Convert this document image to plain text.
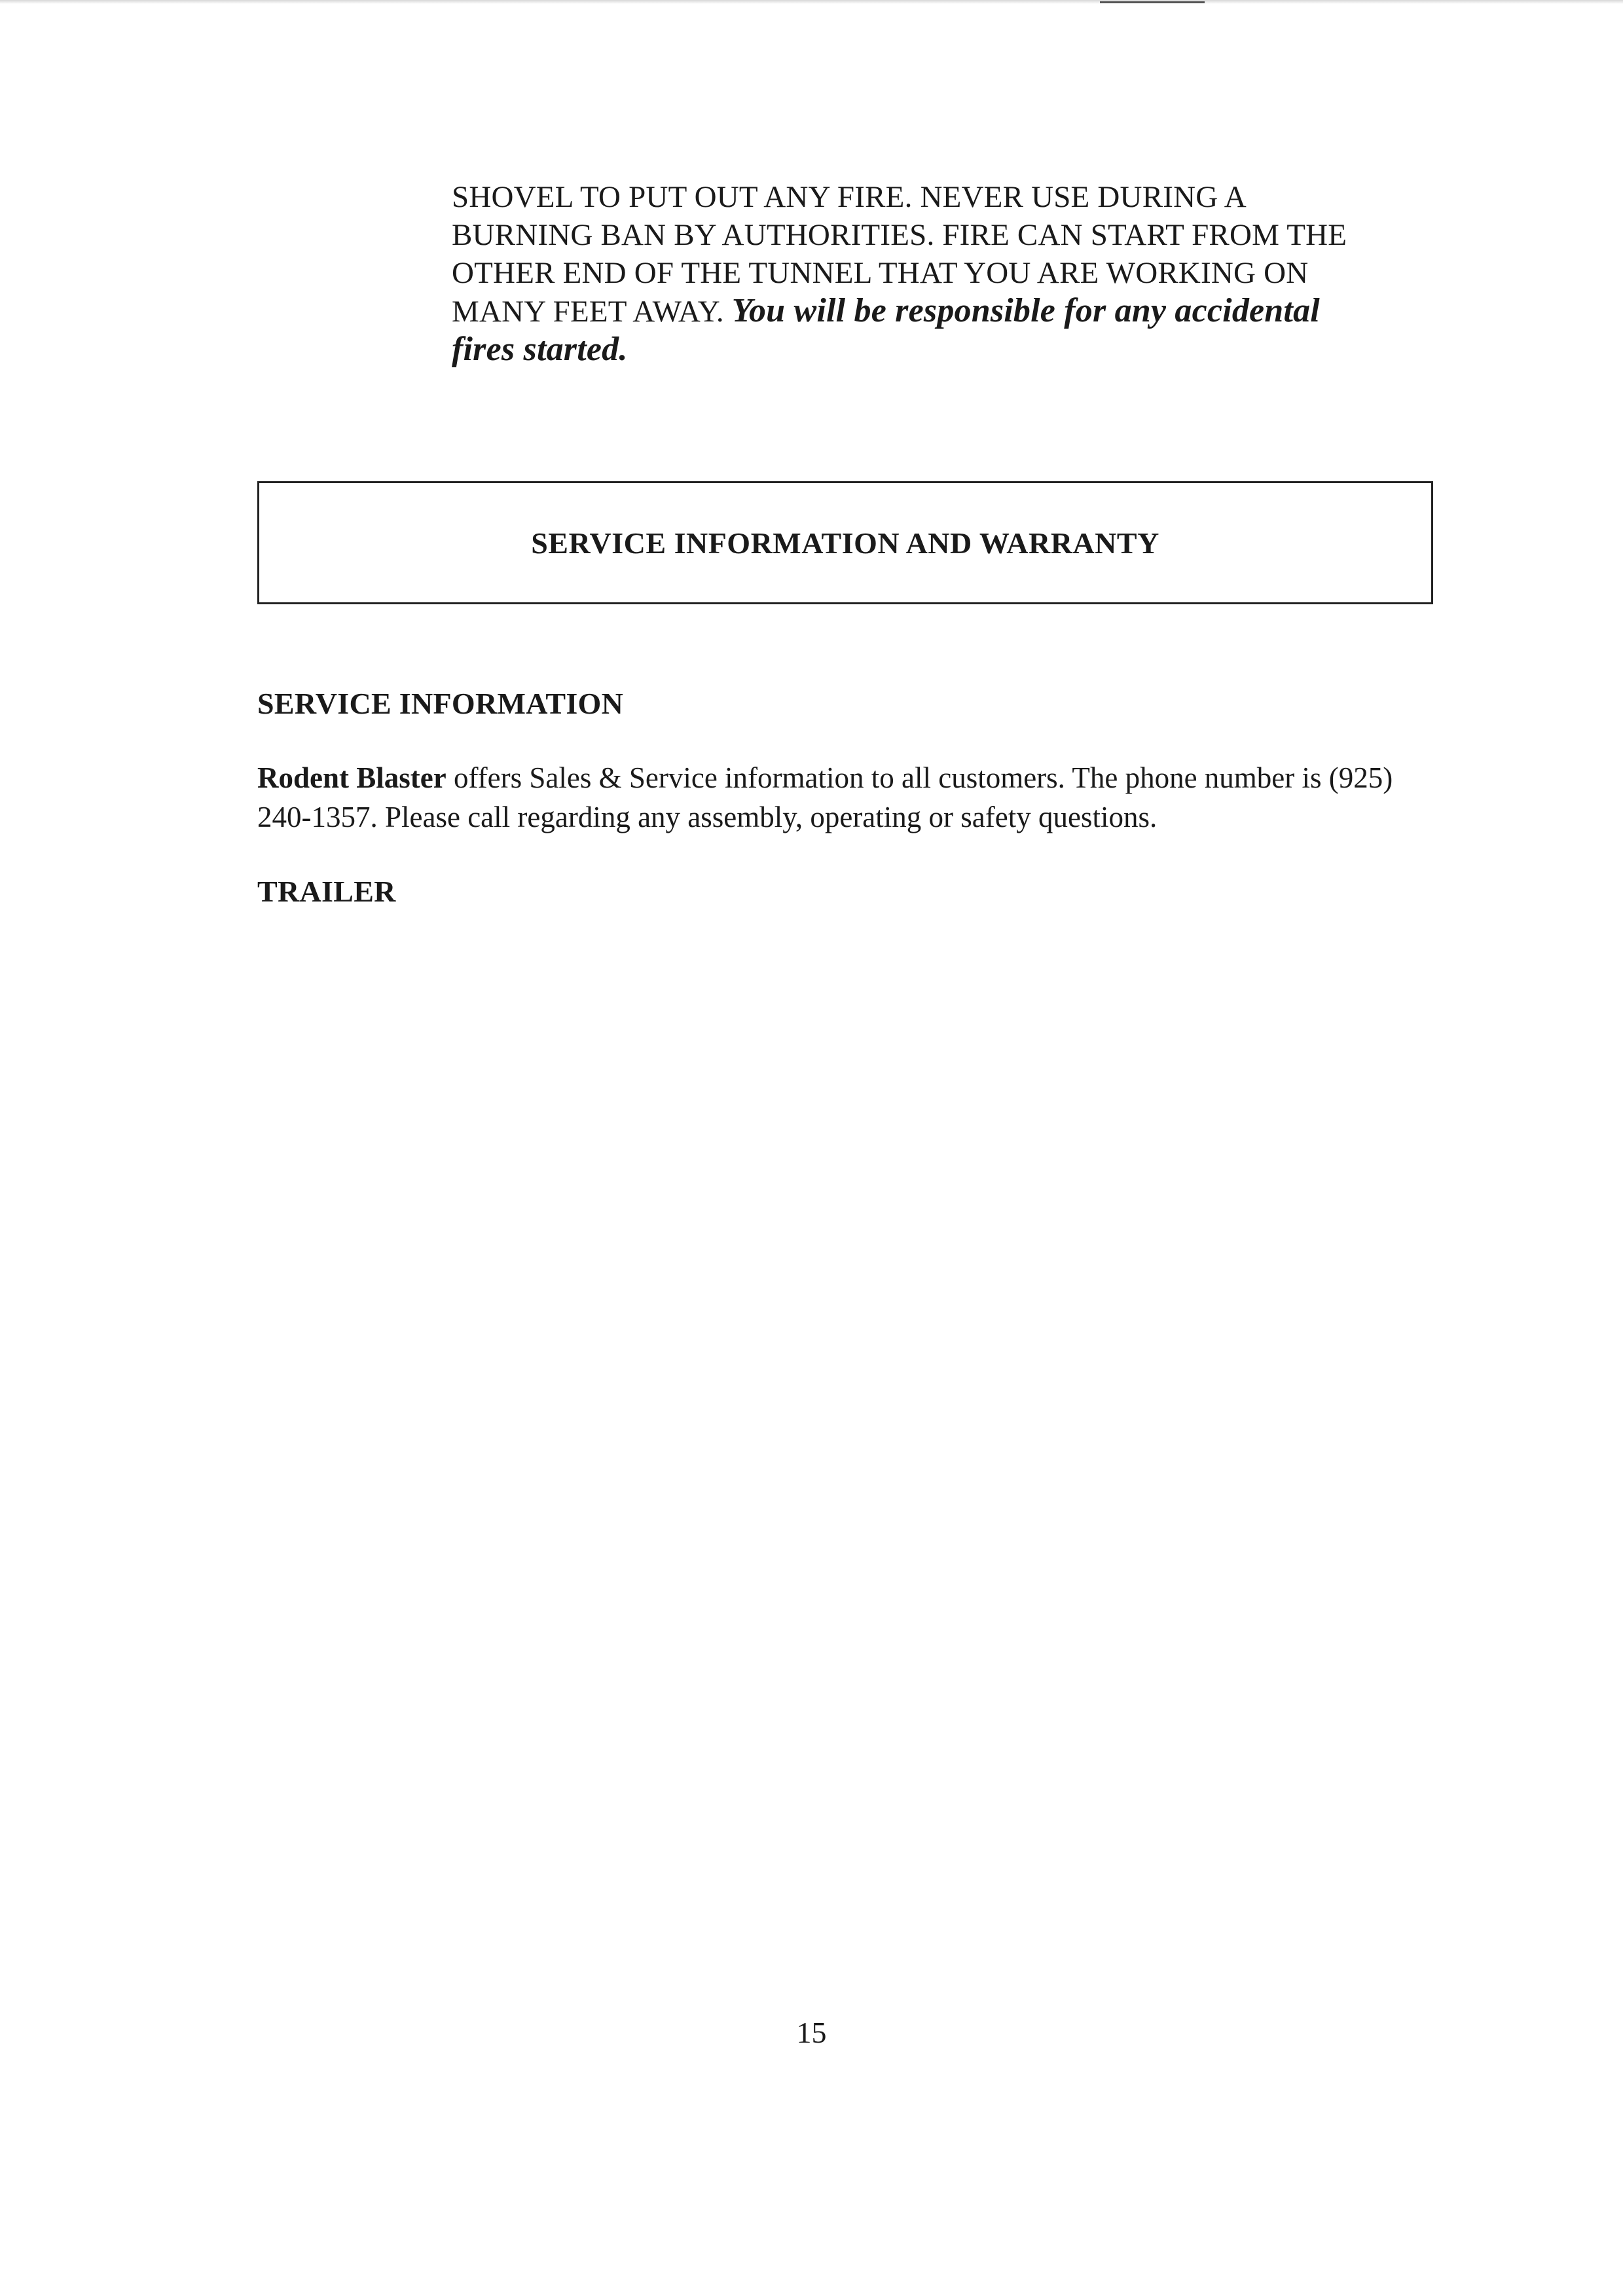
SHOVEL TO PUT OUT ANY FIRE. NEVER USE DURING A

BURNING BAN BY AUTHORITIES. FIRE CAN START FROM THE

OTHER END OF THE TUNNEL THAT YOU ARE WORKING ON

MANY FEET AWAY. You will be responsible for any accidental

fires started.

SERVICE INFORMATION AND WARRANTY
SERVICE INFORMATION

Rodent Blaster offers Sales & Service information to all customers. The phone number is (925) 240-1357. Please call regarding any assembly, operating or safety questions.

TRAILER
15
